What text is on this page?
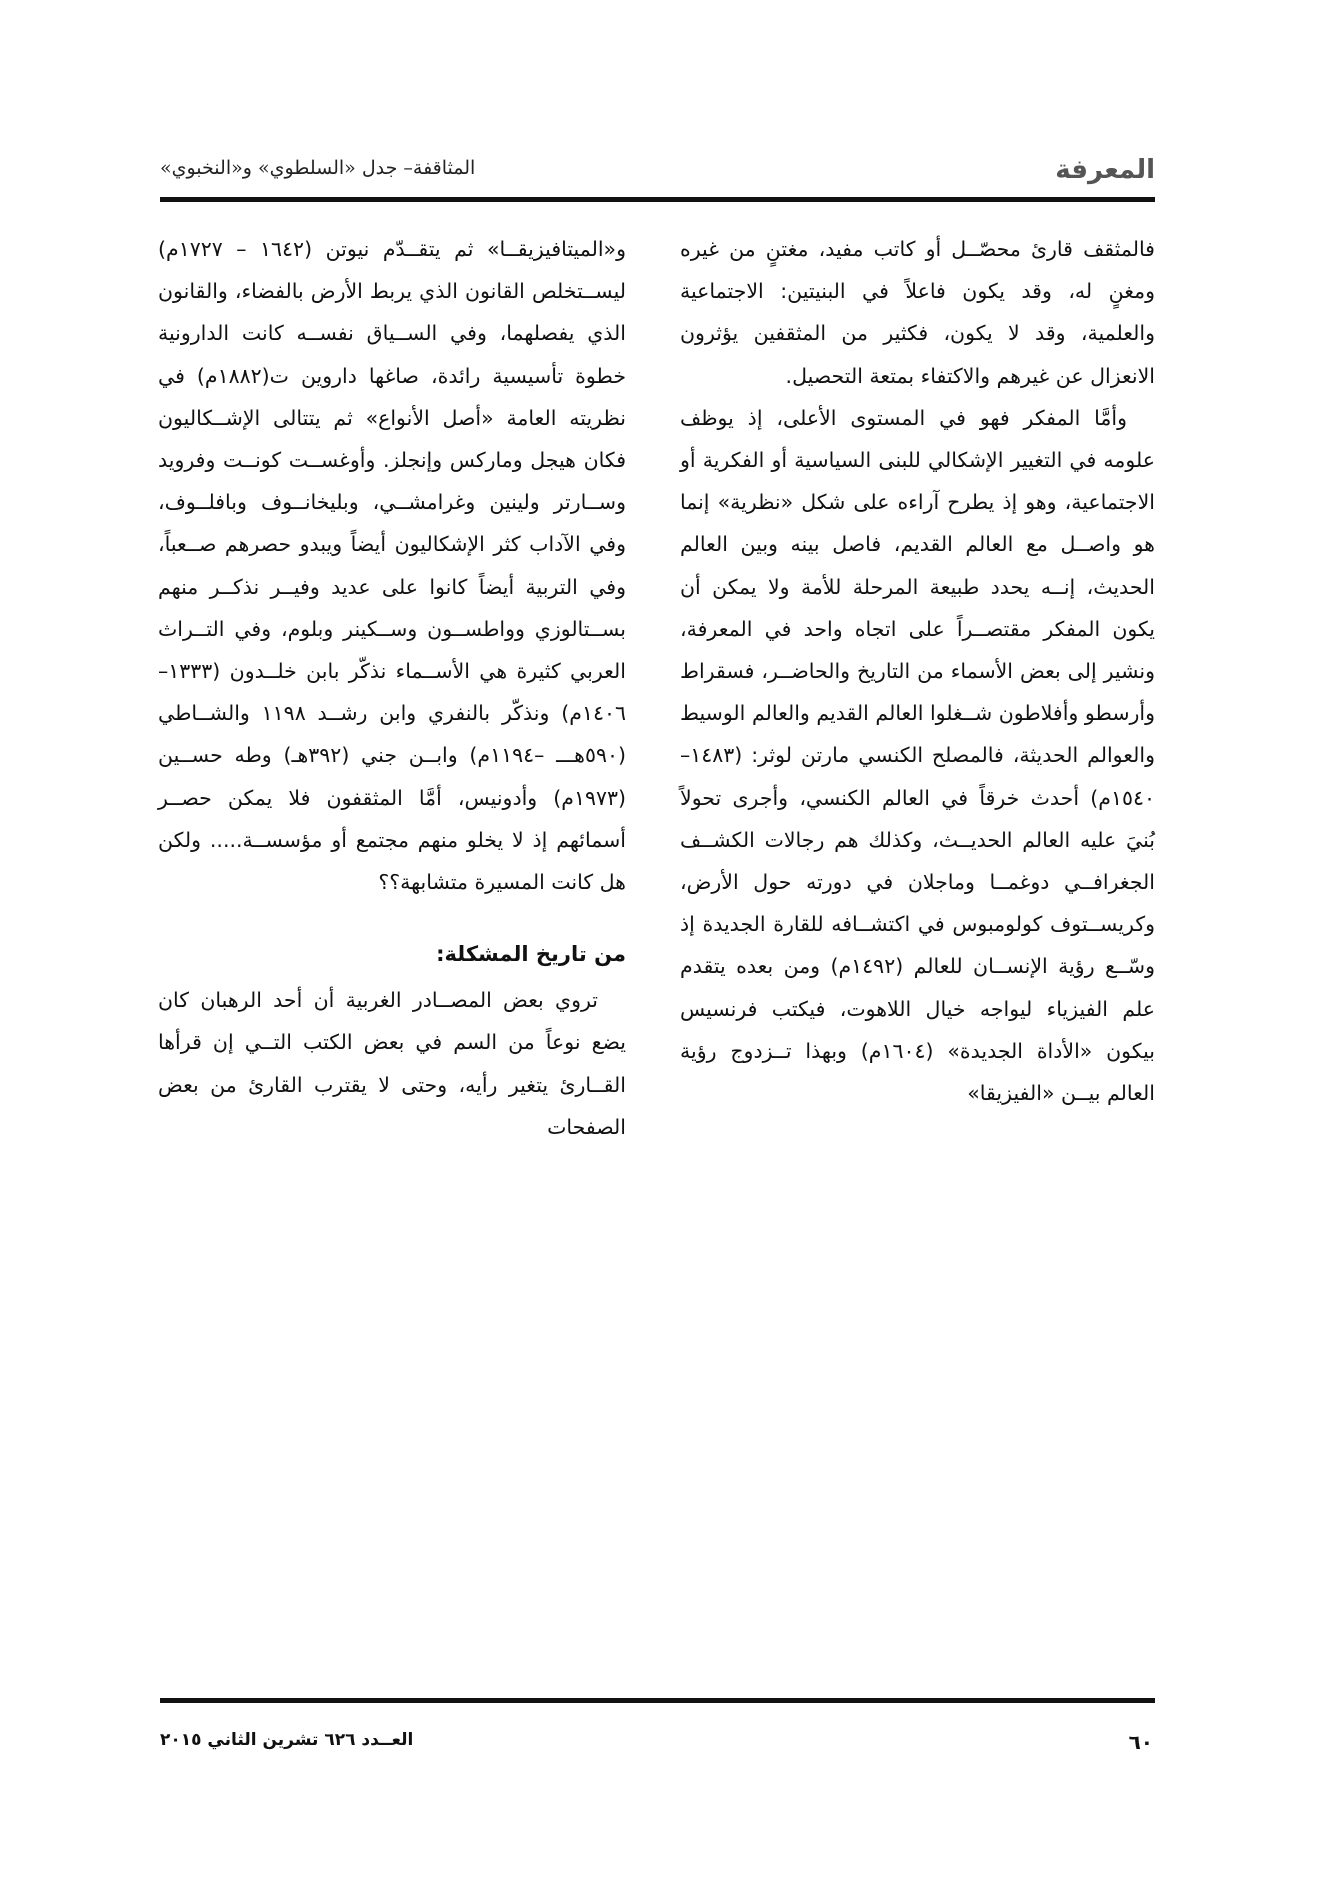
المعرفة
المثاقفة– جدل «السلطوي» و«النخبوي»

فالمثقف قارئ محصّــل أو كاتب مفيد، مغتنٍ من غيره ومغنٍ له، وقد يكون فاعلاً في البنيتين: الاجتماعية والعلمية، وقد لا يكون، فكثير من المثقفين يؤثرون الانعزال عن غيرهم والاكتفاء بمتعة التحصيل.

وأمَّا المفكر فهو في المستوى الأعلى، إذ يوظف علومه في التغيير الإشكالي للبنى السياسية أو الفكرية أو الاجتماعية، وهو إذ يطرح آراءه على شكل «نظرية» إنما هو واصــل مع العالم القديم، فاصل بينه وبين العالم الحديث، إنــه يحدد طبيعة المرحلة للأمة ولا يمكن أن يكون المفكر مقتصــراً على اتجاه واحد في المعرفة، ونشير إلى بعض الأسماء من التاريخ والحاضــر، فسقراط وأرسطو وأفلاطون شــغلوا العالم القديم والعالم الوسيط والعوالم الحديثة، فالمصلح الكنسي مارتن لوثر: (١٤٨٣–١٥٤٠م) أحدث خرقاً في العالم الكنسي، وأجرى تحولاً بُنيَ عليه العالم الحديــث، وكذلك هم رجالات الكشــف الجغرافــي دوغمــا وماجلان في دورته حول الأرض، وكريســتوف كولومبوس في اكتشــافه للقارة الجديدة إذ وسّــع رؤية الإنســان للعالم (١٤٩٢م) ومن بعده يتقدم علم الفيزياء ليواجه خيال اللاهوت، فيكتب فرنسيس بيكون «الأداة الجديدة» (١٦٠٤م) وبهذا تــزدوج رؤية العالم بيــن «الفيزيقا»

و«الميتافيزيقــا» ثم يتقــدّم نيوتن (١٦٤٢ – ١٧٢٧م) ليســتخلص القانون الذي يربط الأرض بالفضاء، والقانون الذي يفصلهما، وفي الســياق نفســه كانت الداروني‍ة خطوة تأسيسية رائدة، صاغها داروين ت(١٨٨٢م) في نظريته العامة «أصل الأنواع» ثم يتتالى الإشــكاليون فكان هيجل وماركس وإنجلز. وأوغســت كونــت وفرويد وســارتر ولينين وغرامشــي، وبليخانــوف وبافلــوف، وفي الآداب كثر الإشكاليون أيضاً ويبدو حصرهم صــعباً، وفي التربية أيضاً كانوا على عديد وفيــر نذكــر منهم بســتالوزي وواطســون وســكينر وبلوم، وفي التــراث العربي كثيرة هي الأســماء نذكّر بابن خلــدون (١٣٣٣– ١٤٠٦م) ونذكّر بالنفري وابن رشــد ١١٩٨ والشــاطي (٥٩٠هـــ –١١٩٤م) وابــن جني (٣٩٢هـ) وطه حســين (١٩٧٣م) وأدونيس، أمَّا المثقفون فلا يمكن حصــر أسمائهم إذ لا يخلو منهم مجتمع أو مؤسســة..... ولكن هل كانت المسيرة متشابهة؟؟

من تاريخ المشكلة:

تروي بعض المصــادر الغربية أن أحد الرهبان كان يضع نوعاً من السم في بعض الكتب التــي إن قرأها القــارئ يتغير رأيه، وحتى لا يقترب القارئ من بعض الصفحات

٦٠
العــدد ٦٢٦ تشرين الثاني ٢٠١٥
